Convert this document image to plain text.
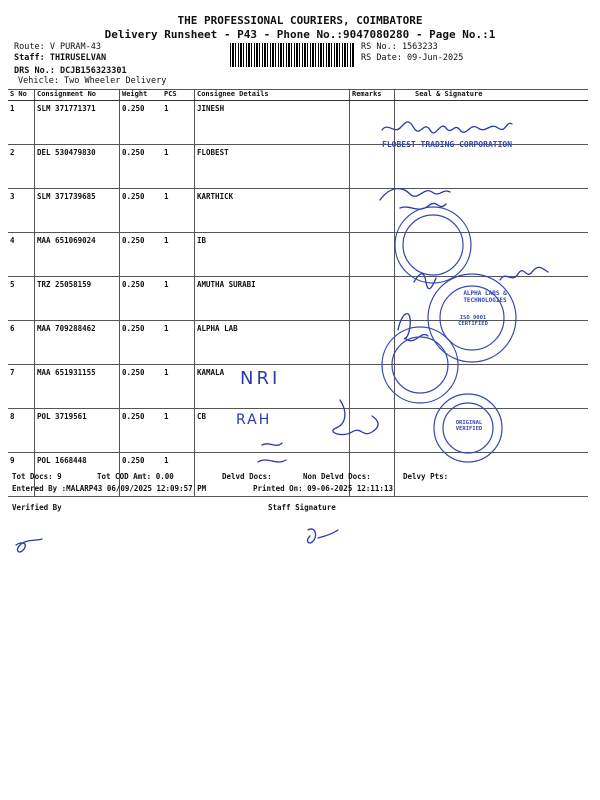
THE PROFESSIONAL COURIERS, COIMBATORE
Delivery Runsheet - P43 - Phone No.:9047080280 - Page No.:1
Route: V PURAM-43
Staff: THIRUSELVAN
DRS No.: DCJB156323301
Vehicle: Two Wheeler Delivery
RS No.: 1563233
RS Date: 09-Jun-2025
S No	Consignment No	Weight	PCS	Consignee Details	Remarks	Seal & Signature
1	SLM 371771371	0.250	1	JINESH		
2	DEL 530479830	0.250	1	FLOBEST		
3	SLM 371739685	0.250	1	KARTHICK		
4	MAA 651069024	0.250	1	IB		
5	TRZ 25058159	0.250	1	AMUTHA SURABI		
6	MAA 709288462	0.250	1	ALPHA LAB		
7	MAA 651931155	0.250	1	KAMALA		
8	POL 3719561	0.250	1	CB		
9	POL 1668448	0.250	1			
Tot Docs: 9	Tot COD Amt: 0.00	Delvd Docs:	Non Delvd Docs:	Delvy Pts:
Entered By :MALARP43 06/09/2025 12:09:57 PM	Printed On: 09-06-2025 12:11:13
Verified By	Staff Signature
NRI
RAH
FLOBEST TRADING CORPORATION
ALPHA LABS & TECHNOLOGIES
ISO 9001 CERTIFIED
ORIGINAL VERIFIED
